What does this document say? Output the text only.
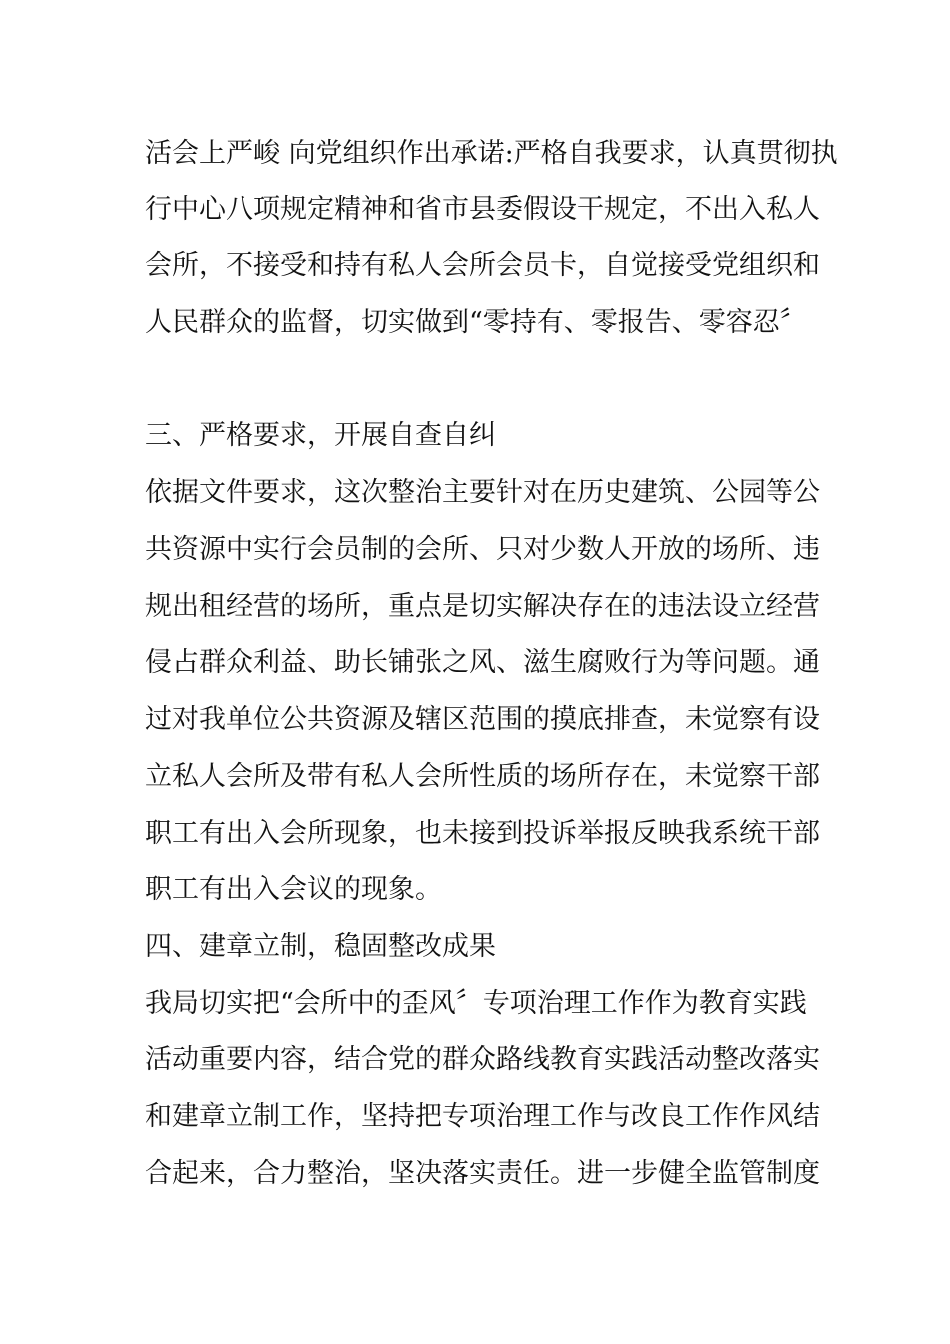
活会上严峻 向党组织作出承诺:严格自我要求，认真贯彻执
行中心八项规定精神和省市县委假设干规定，不出入私人
会所，不接受和持有私人会所会员卡，自觉接受党组织和
人民群众的监督，切实做到“零持有、零报告、零容忍〞
三、严格要求，开展自查自纠
依据文件要求，这次整治主要针对在历史建筑、公园等公
共资源中实行会员制的会所、只对少数人开放的场所、违
规出租经营的场所，重点是切实解决存在的违法设立经营
侵占群众利益、助长铺张之风、滋生腐败行为等问题。通
过对我单位公共资源及辖区范围的摸底排查，未觉察有设
立私人会所及带有私人会所性质的场所存在，未觉察干部
职工有出入会所现象，也未接到投诉举报反映我系统干部
职工有出入会议的现象。
四、建章立制，稳固整改成果
我局切实把“会所中的歪风〞专项治理工作作为教育实践
活动重要内容，结合党的群众路线教育实践活动整改落实
和建章立制工作，坚持把专项治理工作与改良工作作风结
合起来，合力整治，坚决落实责任。进一步健全监管制度
